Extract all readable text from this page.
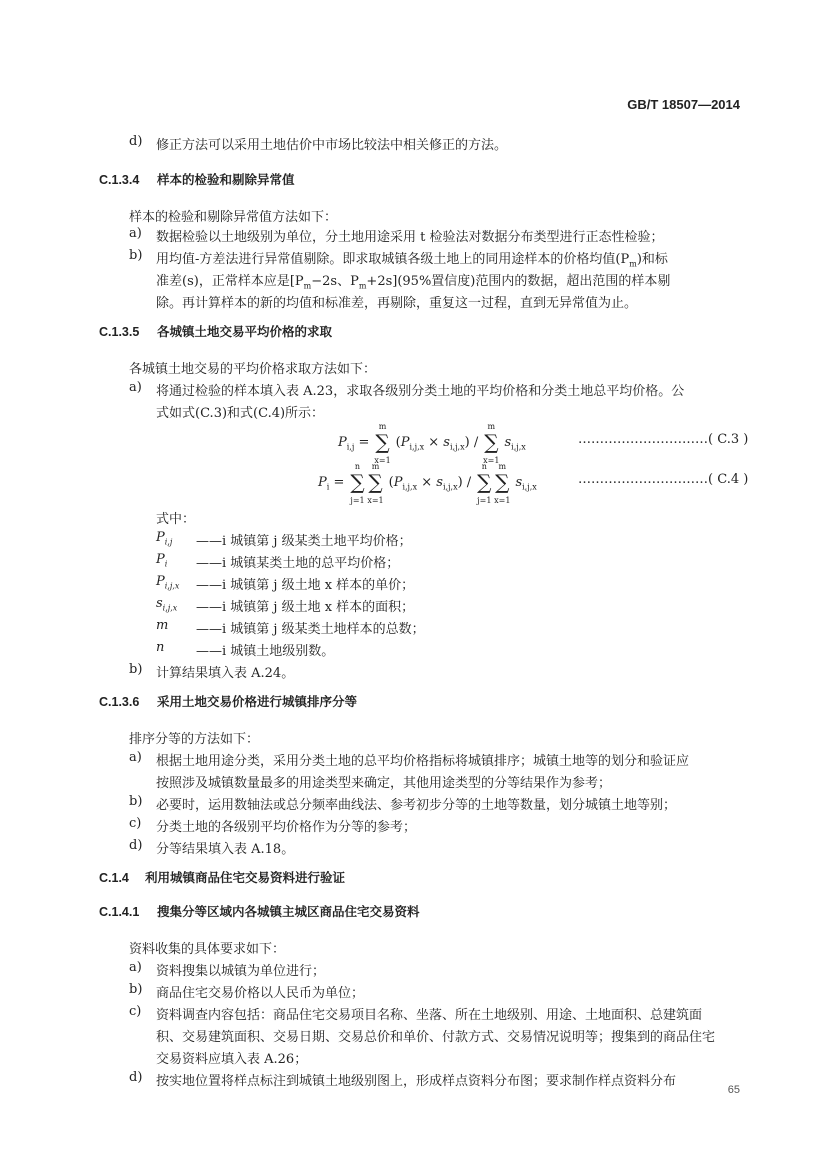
GB/T 18507—2014
d) 修正方法可以采用土地估价中市场比较法中相关修正的方法。
C.1.3.4 样本的检验和剔除异常值
样本的检验和剔除异常值方法如下：
a) 数据检验以土地级别为单位，分土地用途采用 t 检验法对数据分布类型进行正态性检验；
b) 用均值-方差法进行异常值剔除。即求取城镇各级土地上的同用途样本的价格均值$(P_m)$和标
准差(s)，正常样本应是[$P_m-2s$、$P_m+2s](95\%$置信度)范围内的数据，超出范围的样本剔
除。再计算样本的新的均值和标准差，再剔除，重复这一过程，直到无异常值为止。
C.1.3.5 各城镇土地交易平均价格的求取
各城镇土地交易的平均价格求取方法如下：
a) 将通过检验的样本填入表 A.23，求取各级别分类土地的平均价格和分类土地总平均价格。公
式如式(C.3)和式(C.4)所示：
$P_{i,j}$ =
m
∑
x=1
$(P_{i,j,x} \times s_{i,j,x})$ /
m
∑
x=1
$s_{i,j,x}$
…………………………( C.3 )
$P_i$ =
n
∑
j=1
m
∑
x=1
$(P_{i,j,x} \times s_{i,j,x})$ /
n
∑
j=1
m
∑
x=1
$s_{i,j,x}$
…………………………( C.4 )
式中：
$P_{i,j}$ ——i 城镇第 j 级某类土地平均价格；
$P_i$ ——i 城镇某类土地的总平均价格；
$P_{i,j,x}$ ——i 城镇第 j 级土地 x 样本的单价；
$s_{i,j,x}$ ——i 城镇第 j 级土地 x 样本的面积；
m ——i 城镇第 j 级某类土地样本的总数；
n ——i 城镇土地级别数。
b) 计算结果填入表 A.24。
C.1.3.6 采用土地交易价格进行城镇排序分等
排序分等的方法如下：
a) 根据土地用途分类，采用分类土地的总平均价格指标将城镇排序；城镇土地等的划分和验证应
按照涉及城镇数量最多的用途类型来确定，其他用途类型的分等结果作为参考；
b) 必要时，运用数轴法或总分频率曲线法、参考初步分等的土地等数量，划分城镇土地等别；
c) 分类土地的各级别平均价格作为分等的参考；
d) 分等结果填入表 A.18。
C.1.4 利用城镇商品住宅交易资料进行验证
C.1.4.1 搜集分等区域内各城镇主城区商品住宅交易资料
资料收集的具体要求如下：
a) 资料搜集以城镇为单位进行；
b) 商品住宅交易价格以人民币为单位；
c) 资料调查内容包括：商品住宅交易项目名称、坐落、所在土地级别、用途、土地面积、总建筑面
积、交易建筑面积、交易日期、交易总价和单价、付款方式、交易情况说明等；搜集到的商品住宅
交易资料应填入表 A.26；
d) 按实地位置将样点标注到城镇土地级别图上，形成样点资料分布图；要求制作样点资料分布
65
